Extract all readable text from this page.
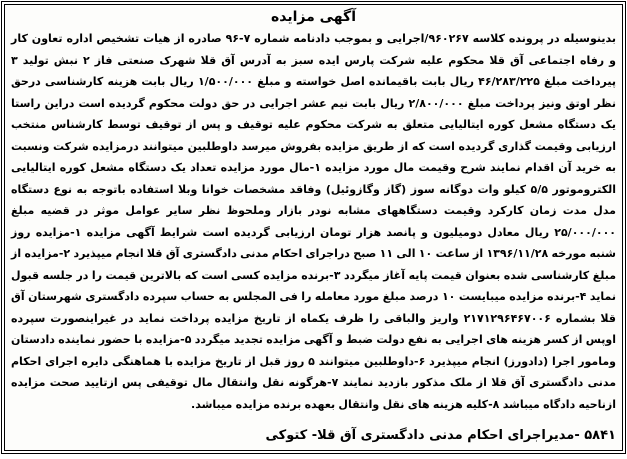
آگهی مزایده

بدینوسیله در پرونده کلاسه ۹۶۰۲۶۷/اجرایی و بموجب دادنامه شماره ۷-۹۶ صادره از هیات تشخیص اداره تعاون کار و رفاه اجتماعی آق قلا محکوم علیه شرکت پارس ایده سبز به آدرس آق قلا شهرک صنعتی فاز ۲ نبش تولید ۳ پیرداخت مبلغ ۴۶/۲۸۳/۲۲۵ ریال بابت باقیمانده اصل خواسته و مبلغ ۱/۵۰۰/۰۰۰ ریال بابت هزینه کارشناسی درحق نظر اوتق ونیز پرداخت مبلغ ۲/۸۰۰/۰۰۰ ریال بابت نیم عشر اجرایی در حق دولت محکوم گردیده است دراین راستا یک دستگاه مشعل کوره ایتالیایی متعلق به شرکت محکوم علیه توقیف و پس از توقیف توسط کارشناس منتخب ارزیابی وقیمت گذاری گردیده است که از طریق مزایده بفروش میرسد داوطلبین میتوانند درمزایده شرکت ونسبت به خرید آن اقدام نمایند شرح وقیمت مال مورد مزایده ۱-مال مورد مزایده تعداد یک دستگاه مشعل کوره ایتالیایی الکتروموتور ۵/۵ کیلو وات دوگانه سوز (گاز وگازوئیل) وفاقد مشخصات خوانا وبلا استفاده باتوجه به نوع دستگاه مدل مدت زمان کارکرد وقیمت دستگاههای مشابه نودر بازار وملحوظ نظر سایر عوامل موثر در قضیه مبلغ ۲۵/۰۰۰/۰۰۰ ریال معادل دومیلیون و پانصد هزار تومان ارزیابی گردیده است شرایط آگهی مزایده ۱-مزایده روز شنبه مورخه ۱۳۹۶/۱۱/۲۸ از ساعت ۱۰ الی ۱۱ صبح دراجرای احکام مدنی دادگستری آق قلا انجام میپذیرد ۲-مزایده از مبلغ کارشناسی شده بعنوان قیمت پایه آغاز میگردد ۳-برنده مزایده کسی است که بالاترین قیمت را در جلسه قبول نماید ۴-برنده مزایده میبایست ۱۰ درصد مبلغ مورد معامله را فی المجلس به حساب سپرده دادگستری شهرستان آق قلا بشماره ۲۱۷۱۲۹۶۴۶۷۰۰۶ واریز والباقی را ظرف یکماه از تاریخ مزایده پرداخت نماید در غیراینصورت سپرده اوپس از کسر هزینه های اجرایی به نفع دولت ضبط و آگهی مزایده تجدید میگردد ۵-مزایده با حضور نماینده دادستان ومامور اجرا (دادورز) انجام میپذیرد ۶-داوطلبین میتوانند ۵ روز قبل از تاریخ مزایده با هماهنگی دایره اجرای احکام مدنی دادگستری آق قلا از ملک مذکور بازدید نمایند ۷-هرگونه نقل وانتقال مال توقیفی پس ازتایید صحت مزایده ازناحیه دادگاه میباشد ۸-کلیه هزینه های نقل وانتقال بعهده برنده مزایده میباشد.

۵۸۴۱ -مدیراجرای احکام مدنی دادگستری آق قلا- کتوکی
